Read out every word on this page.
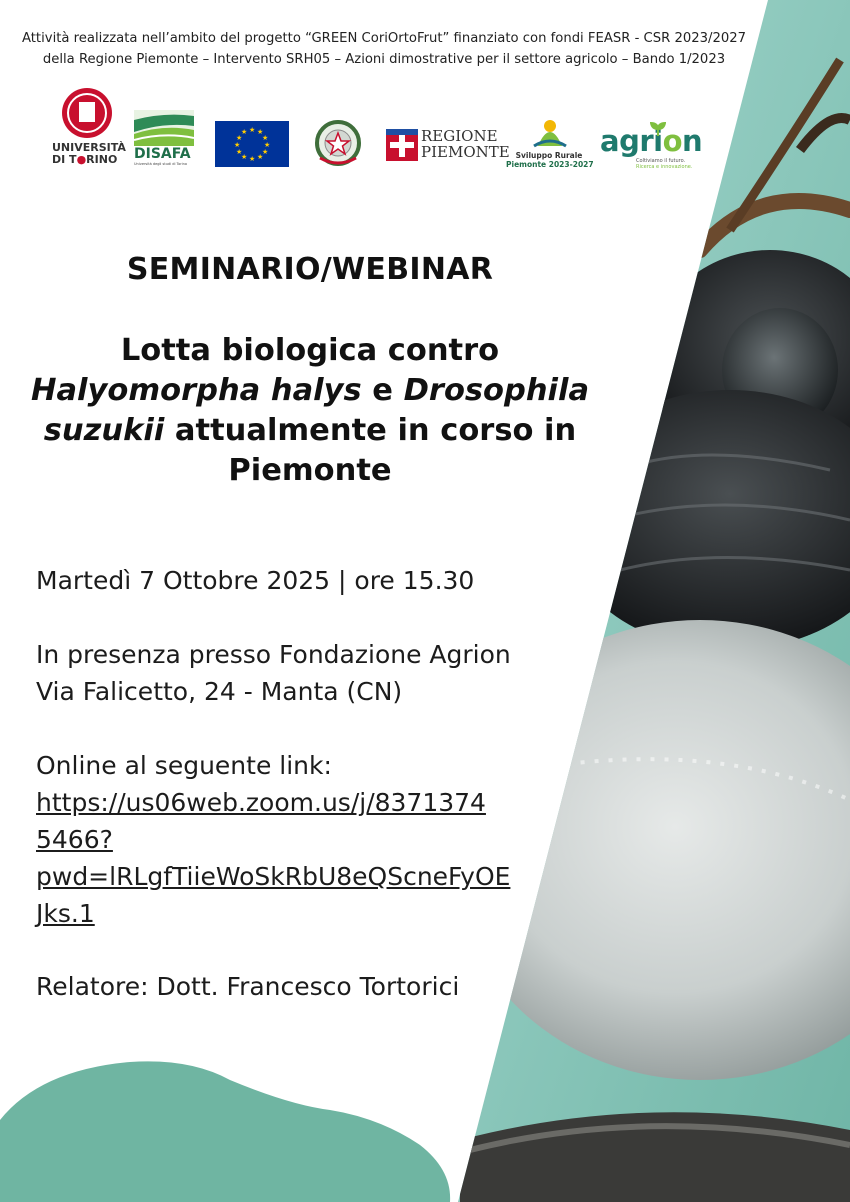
Attività realizzata nell’ambito del progetto “GREEN CoriOrtoFrut” finanziato con fondi FEASR - CSR 2023/2027
della Regione Piemonte – Intervento SRH05 – Azioni dimostrative per il settore agricolo – Bando 1/2023
UNIVERSITÀ
DI T●RINO	DISAFA
Università degli studi di Torino
★ ★
★
★
★
★
★
★
★
★
★
★	REGIONE
PIEMONTE Sviluppo Rurale
Piemonte 2023-2027
agrion
Coltiviamo il futuro.
Ricerca e innovazione.
SEMINARIO/WEBINAR
Lotta biologica contro
Halyomorpha halys e Drosophila
suzukii attualmente in corso in
Piemonte
Martedì 7 Ottobre 2025 | ore 15.30
In presenza presso Fondazione Agrion
Via Falicetto, 24 - Manta (CN)
Online al seguente link:
https://us06web.zoom.us/j/8371374
5466?
pwd=lRLgfTiieWoSkRbU8eQScneFyOE
Jks.1
Relatore: Dott. Francesco Tortorici
